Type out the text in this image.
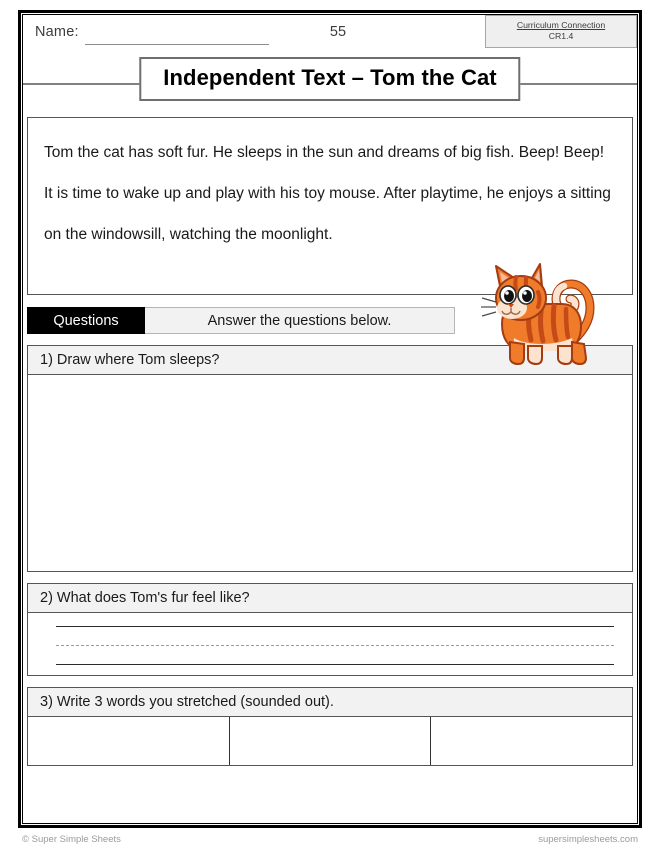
Name:	55	Curriculum Connection
CR1.4
Independent Text – Tom the Cat
Tom the cat has soft fur. He sleeps in the sun and dreams of big fish. Beep! Beep! It is time to wake up and play with his toy mouse. After playtime, he enjoys a sitting on the windowsill, watching the moonlight.
Questions	Answer the questions below.
1) Draw where Tom sleeps?
2) What does Tom's fur feel like?
3) Write 3 words you stretched (sounded out).
© Super Simple Sheets	supersimplesheets.com
